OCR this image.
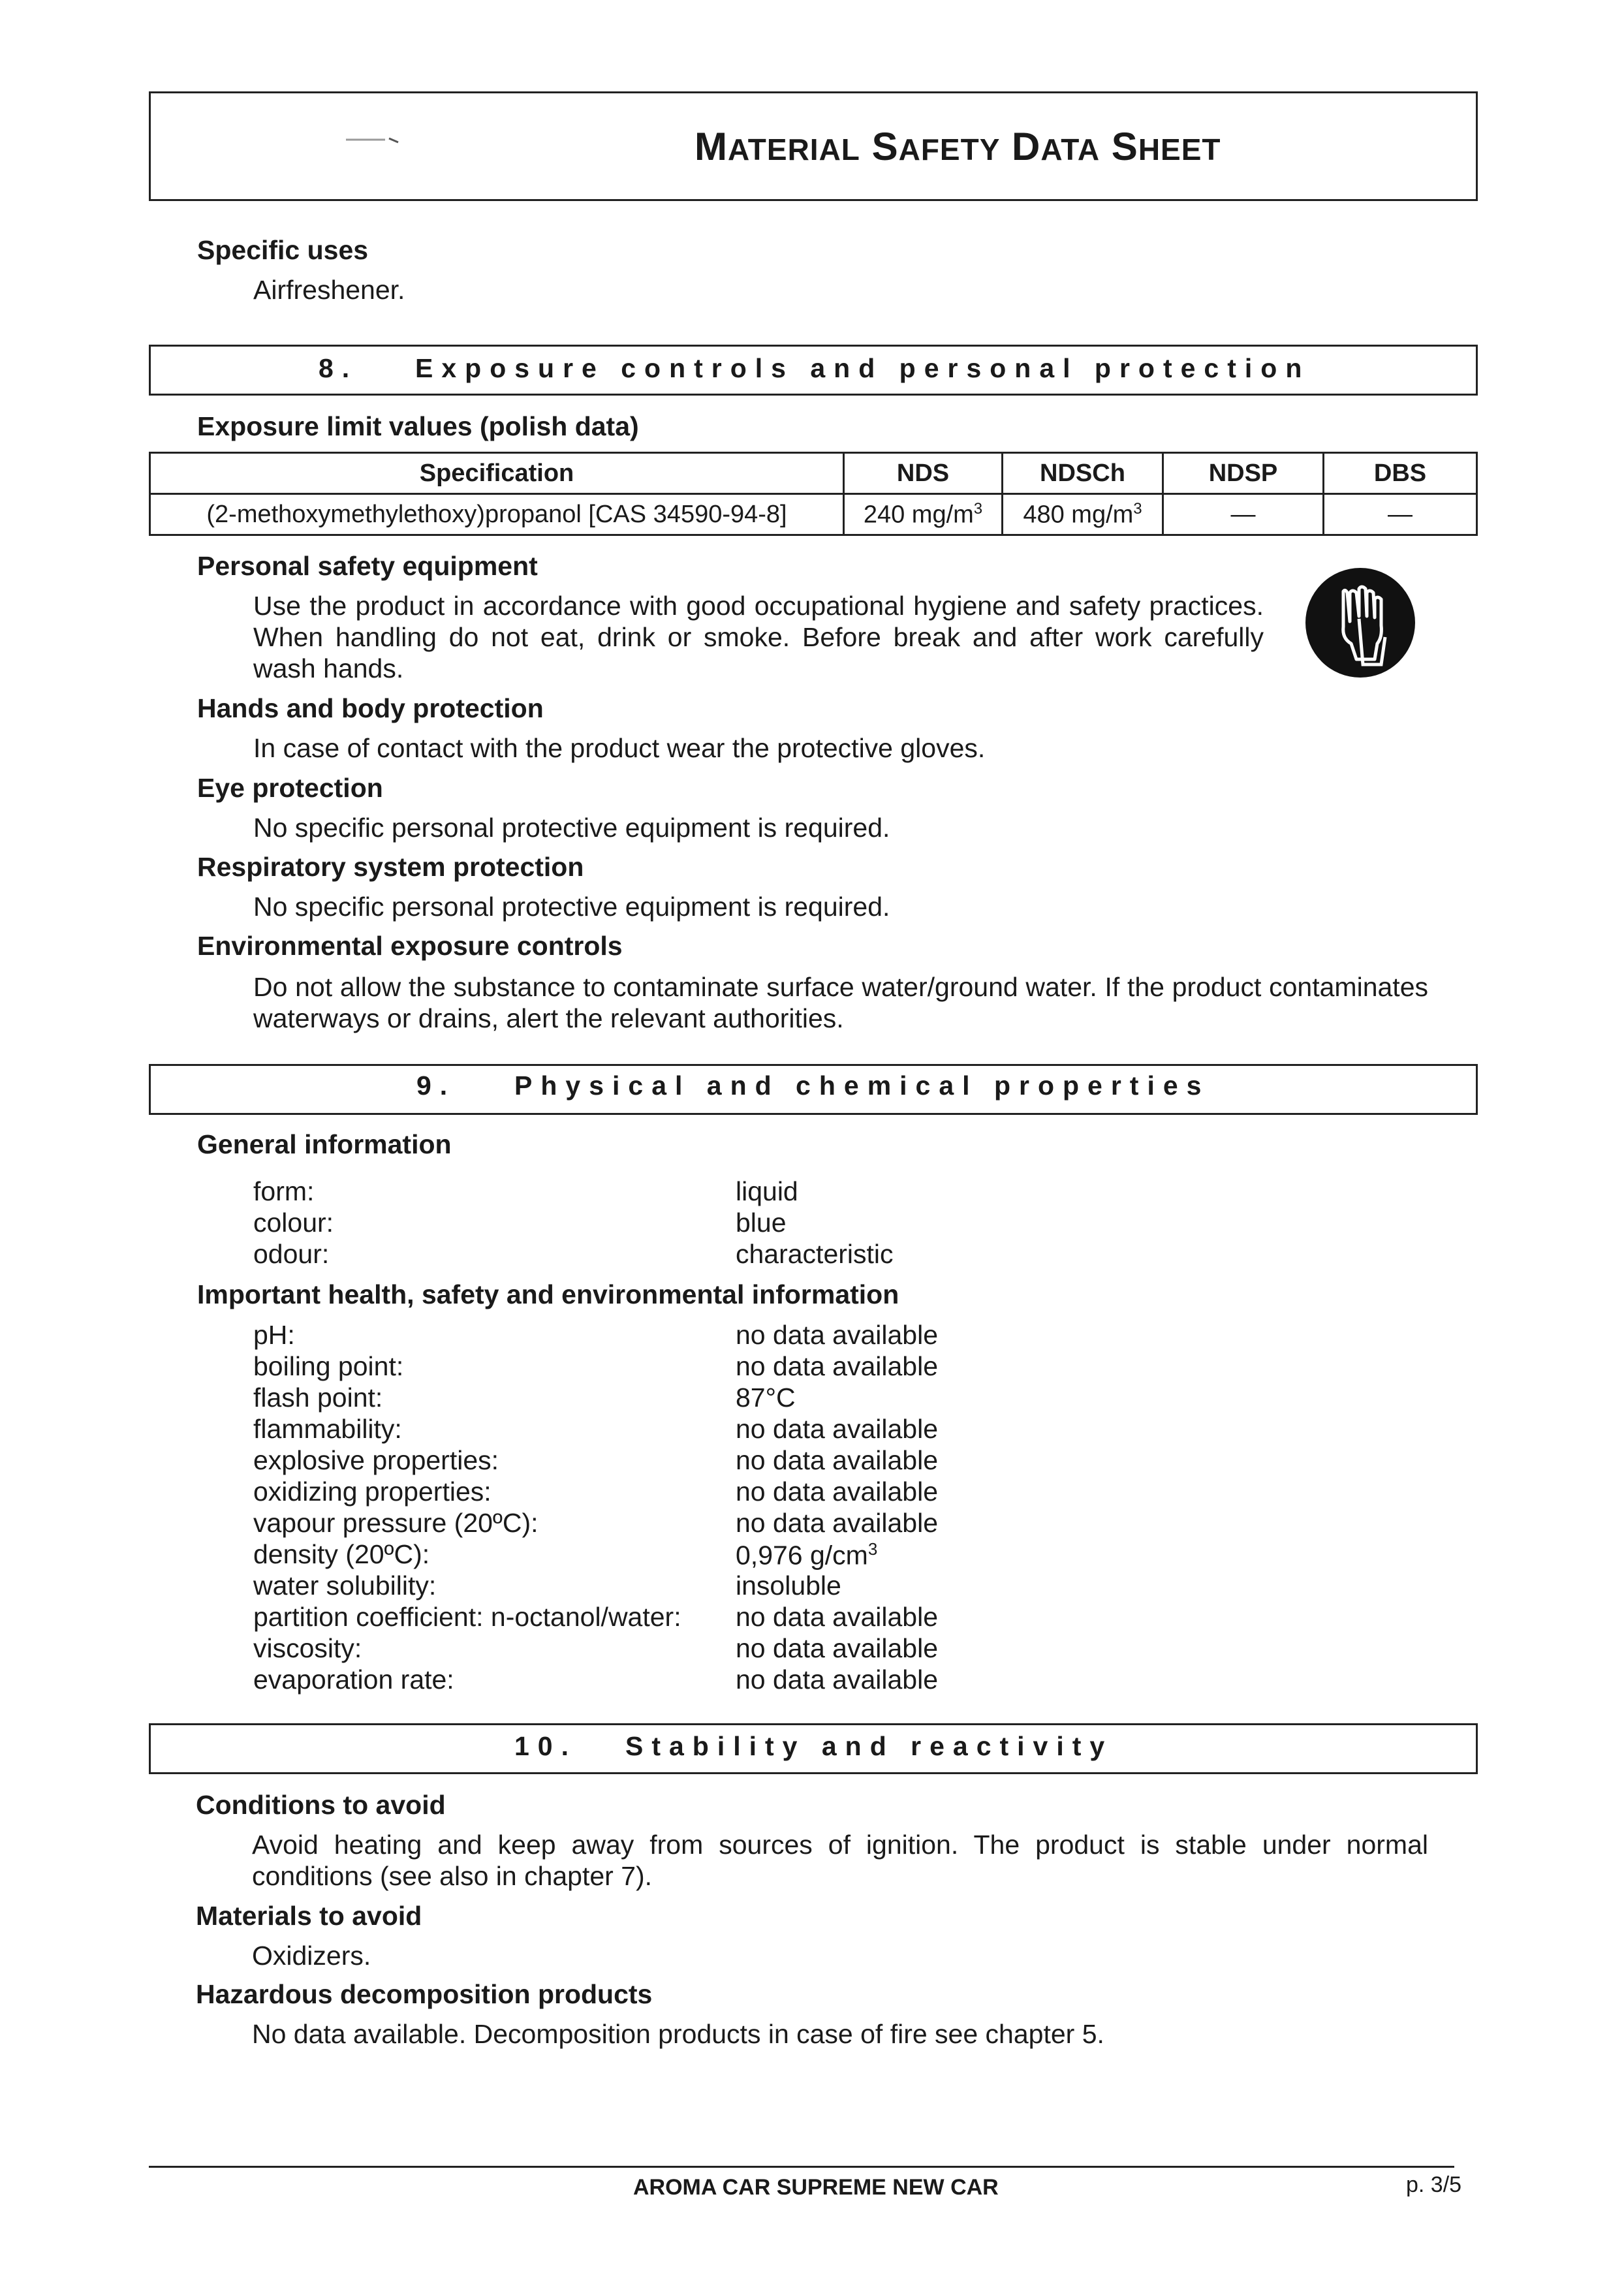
MATERIAL SAFETY DATA SHEET
Specific uses
Airfreshener.
8. Exposure controls and personal protection
Exposure limit values (polish data)
Specification	NDS	NDSCh	NDSP	DBS
(2-methoxymethylethoxy)propanol [CAS 34590-94-8]	240 $mg/m^3$	480 $mg/m^3$	—	—
Personal safety equipment
Use the product in accordance with good occupational hygiene and safety practices. When handling do not eat, drink or smoke. Before break and after work carefully wash hands.
Hands and body protection
In case of contact with the product wear the protective gloves.
Eye protection
No specific personal protective equipment is required.
Respiratory system protection
No specific personal protective equipment is required.
Environmental exposure controls
Do not allow the substance to contaminate surface water/ground water. If the product contaminates waterways or drains, alert the relevant authorities.
9. Physical and chemical properties
General information
form:	liquid
colour:	blue
odour:	characteristic
Important health, safety and environmental information
pH:	no data available
boiling point:	no data available
flash point:	87°C
flammability:	no data available
explosive properties:	no data available
oxidizing properties:	no data available
vapour pressure (20ºC):	no data available
density (20ºC):	0,976 $g/cm^3$
water solubility:	insoluble
partition coefficient: n-octanol/water: no data available
viscosity:	no data available
evaporation rate:	no data available
10. Stability and reactivity
Conditions to avoid
Avoid heating and keep away from sources of ignition. The product is stable under normal conditions (see also in chapter 7).
Materials to avoid
Oxidizers.
Hazardous decomposition products
No data available. Decomposition products in case of fire see chapter 5.
AROMA CAR SUPREME NEW CAR	p. 3/5
